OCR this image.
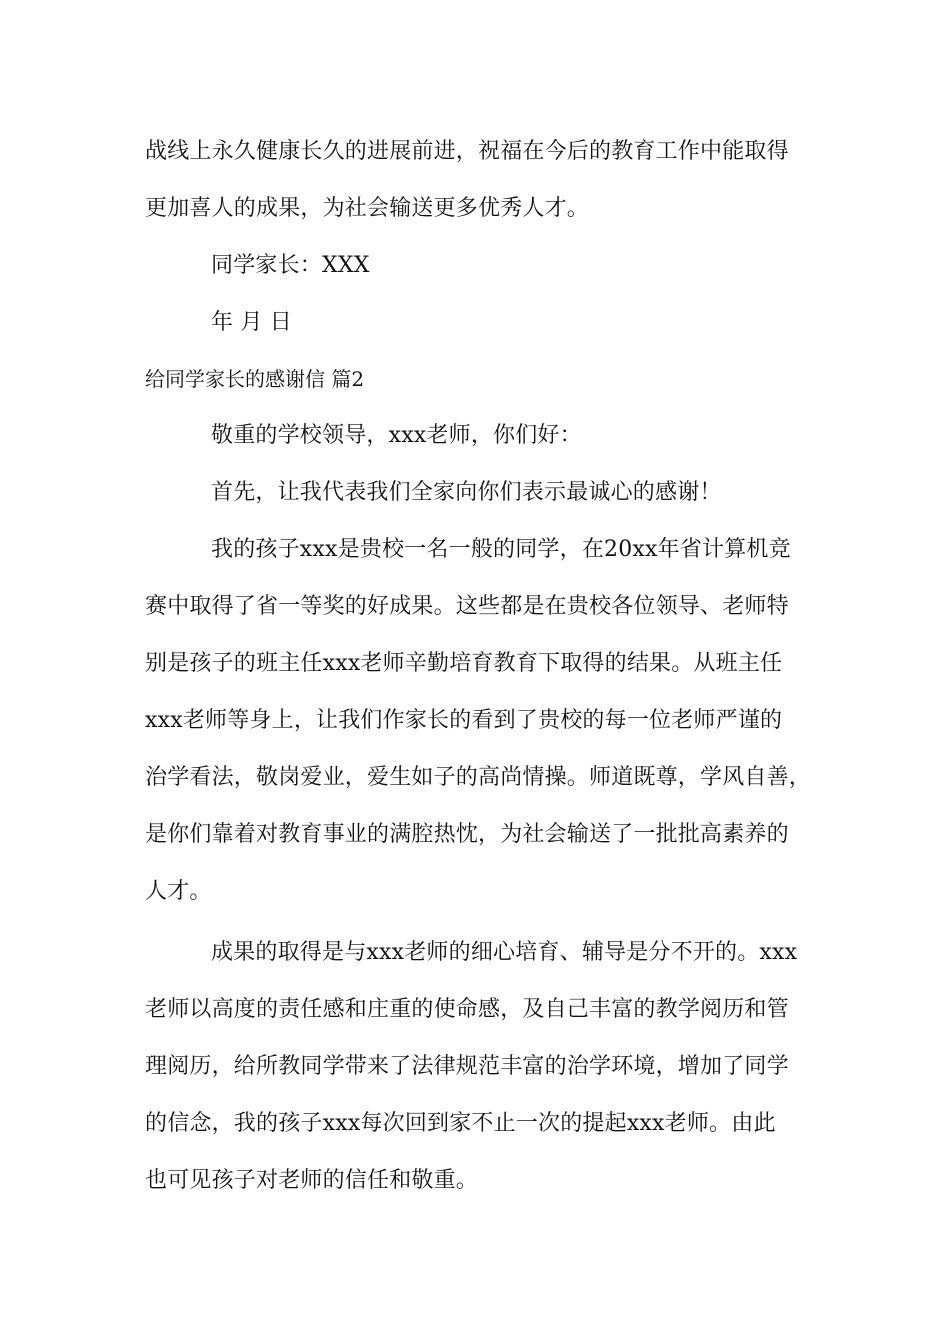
战线上永久健康长久的进展前进，祝福在今后的教育工作中能取得
更加喜人的成果，为社会输送更多优秀人才。
同学家长：XXX
年 月 日
给同学家长的感谢信 篇2
敬重的学校领导，xxx老师，你们好：
首先，让我代表我们全家向你们表示最诚心的感谢！
我的孩子xxx是贵校一名一般的同学，在20xx年省计算机竞
赛中取得了省一等奖的好成果。这些都是在贵校各位领导、老师特
别是孩子的班主任xxx老师辛勤培育教育下取得的结果。从班主任
xxx老师等身上，让我们作家长的看到了贵校的每一位老师严谨的
治学看法，敬岗爱业，爱生如子的高尚情操。师道既尊，学风自善，
是你们靠着对教育事业的满腔热忱，为社会输送了一批批高素养的
人才。
成果的取得是与xxx老师的细心培育、辅导是分不开的。xxx
老师以高度的责任感和庄重的使命感，及自己丰富的教学阅历和管
理阅历，给所教同学带来了法律规范丰富的治学环境，增加了同学
的信念，我的孩子xxx每次回到家不止一次的提起xxx老师。由此
也可见孩子对老师的信任和敬重。
